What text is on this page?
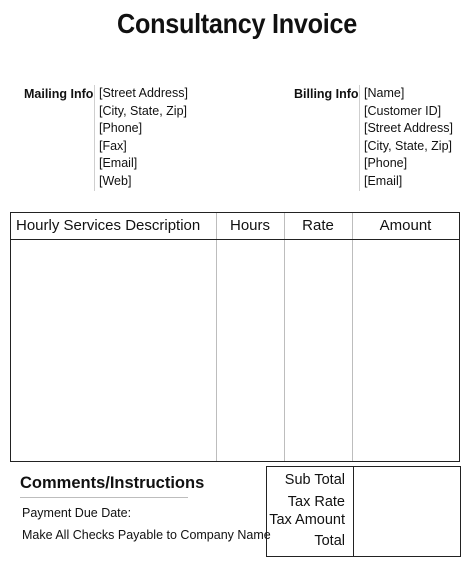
Consultancy Invoice
Mailing Info [Street Address]
[City, State, Zip]
[Phone]
[Fax]
[Email]
[Web]
Billing Info [Name]
[Customer ID]
[Street Address]
[City, State, Zip]
[Phone]
[Email]
Hourly Services Description	Hours	Rate	Amount
Comments/Instructions
Payment Due Date:
Make All Checks Payable to Company Name
Sub Total
Tax Rate
Tax Amount
Total
